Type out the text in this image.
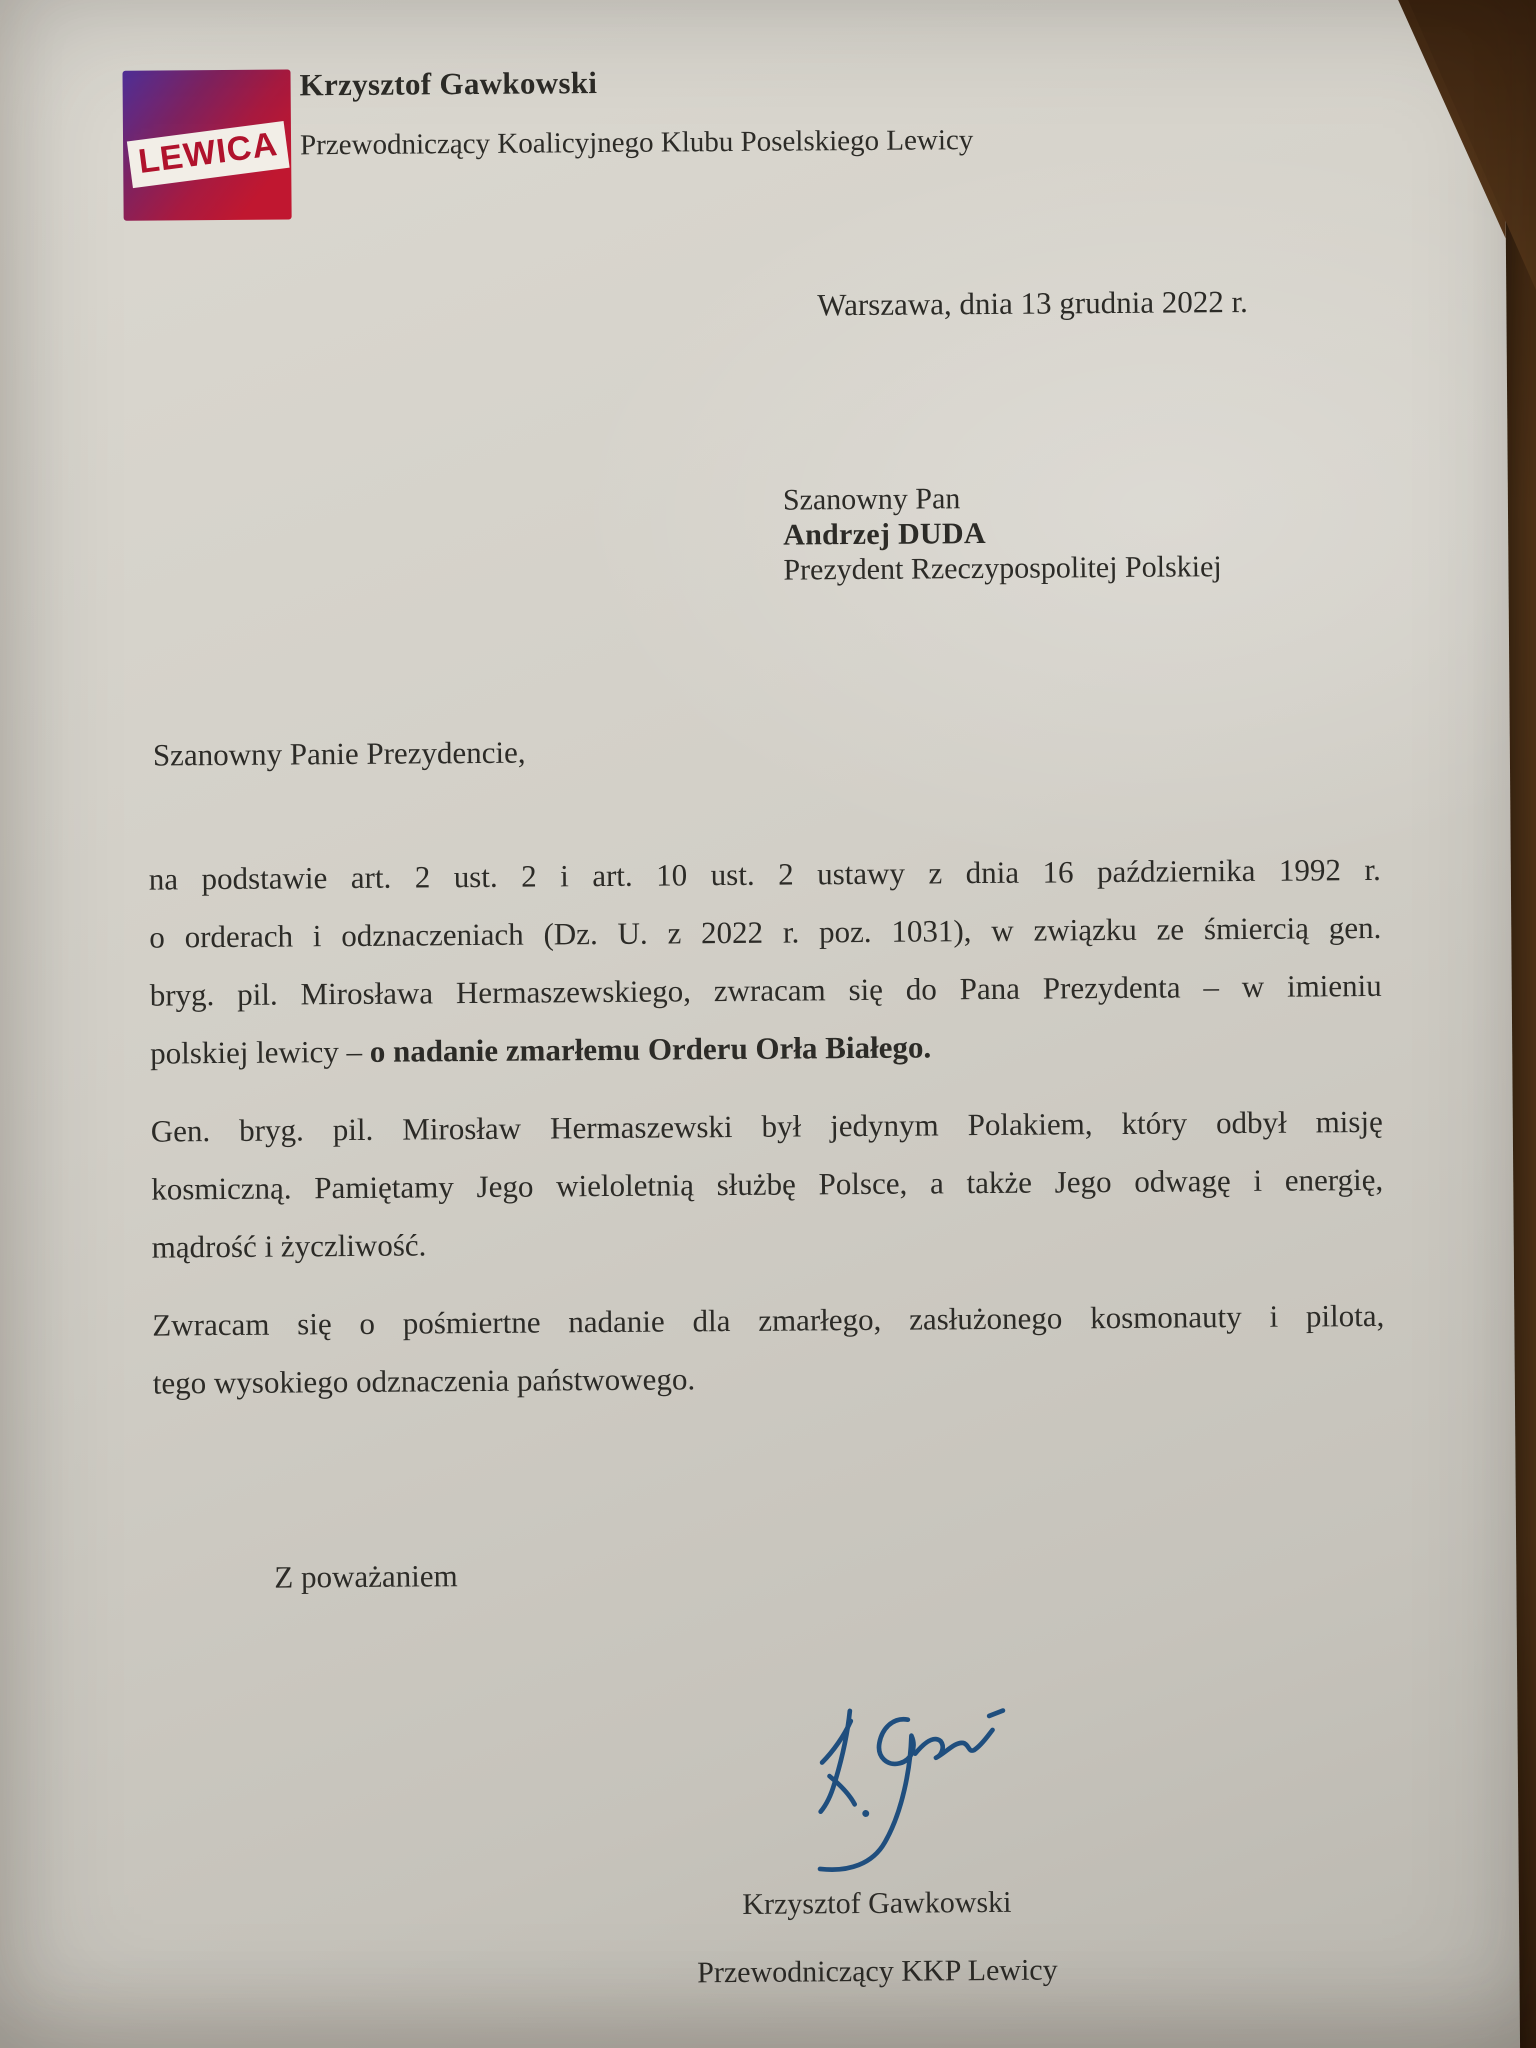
LEWICA
Krzysztof Gawkowski
Przewodniczący Koalicyjnego Klubu Poselskiego Lewicy
Warszawa, dnia 13 grudnia 2022 r.
Szanowny Pan
Andrzej DUDA
Prezydent Rzeczypospolitej Polskiej
Szanowny Panie Prezydencie,
na podstawie art. 2 ust. 2 i art. 10 ust. 2 ustawy z dnia 16 października 1992 r.
o orderach i odznaczeniach (Dz. U. z 2022 r. poz. 1031), w związku ze śmiercią gen.
bryg. pil. Mirosława Hermaszewskiego, zwracam się do Pana Prezydenta – w imieniu
polskiej lewicy – o nadanie zmarłemu Orderu Orła Białego.
Gen. bryg. pil. Mirosław Hermaszewski był jedynym Polakiem, który odbył misję
kosmiczną. Pamiętamy Jego wieloletnią służbę Polsce, a także Jego odwagę i energię,
mądrość i życzliwość.
Zwracam się o pośmiertne nadanie dla zmarłego, zasłużonego kosmonauty i pilota,
tego wysokiego odznaczenia państwowego.
Z poważaniem
Krzysztof Gawkowski
Przewodniczący KKP Lewicy
